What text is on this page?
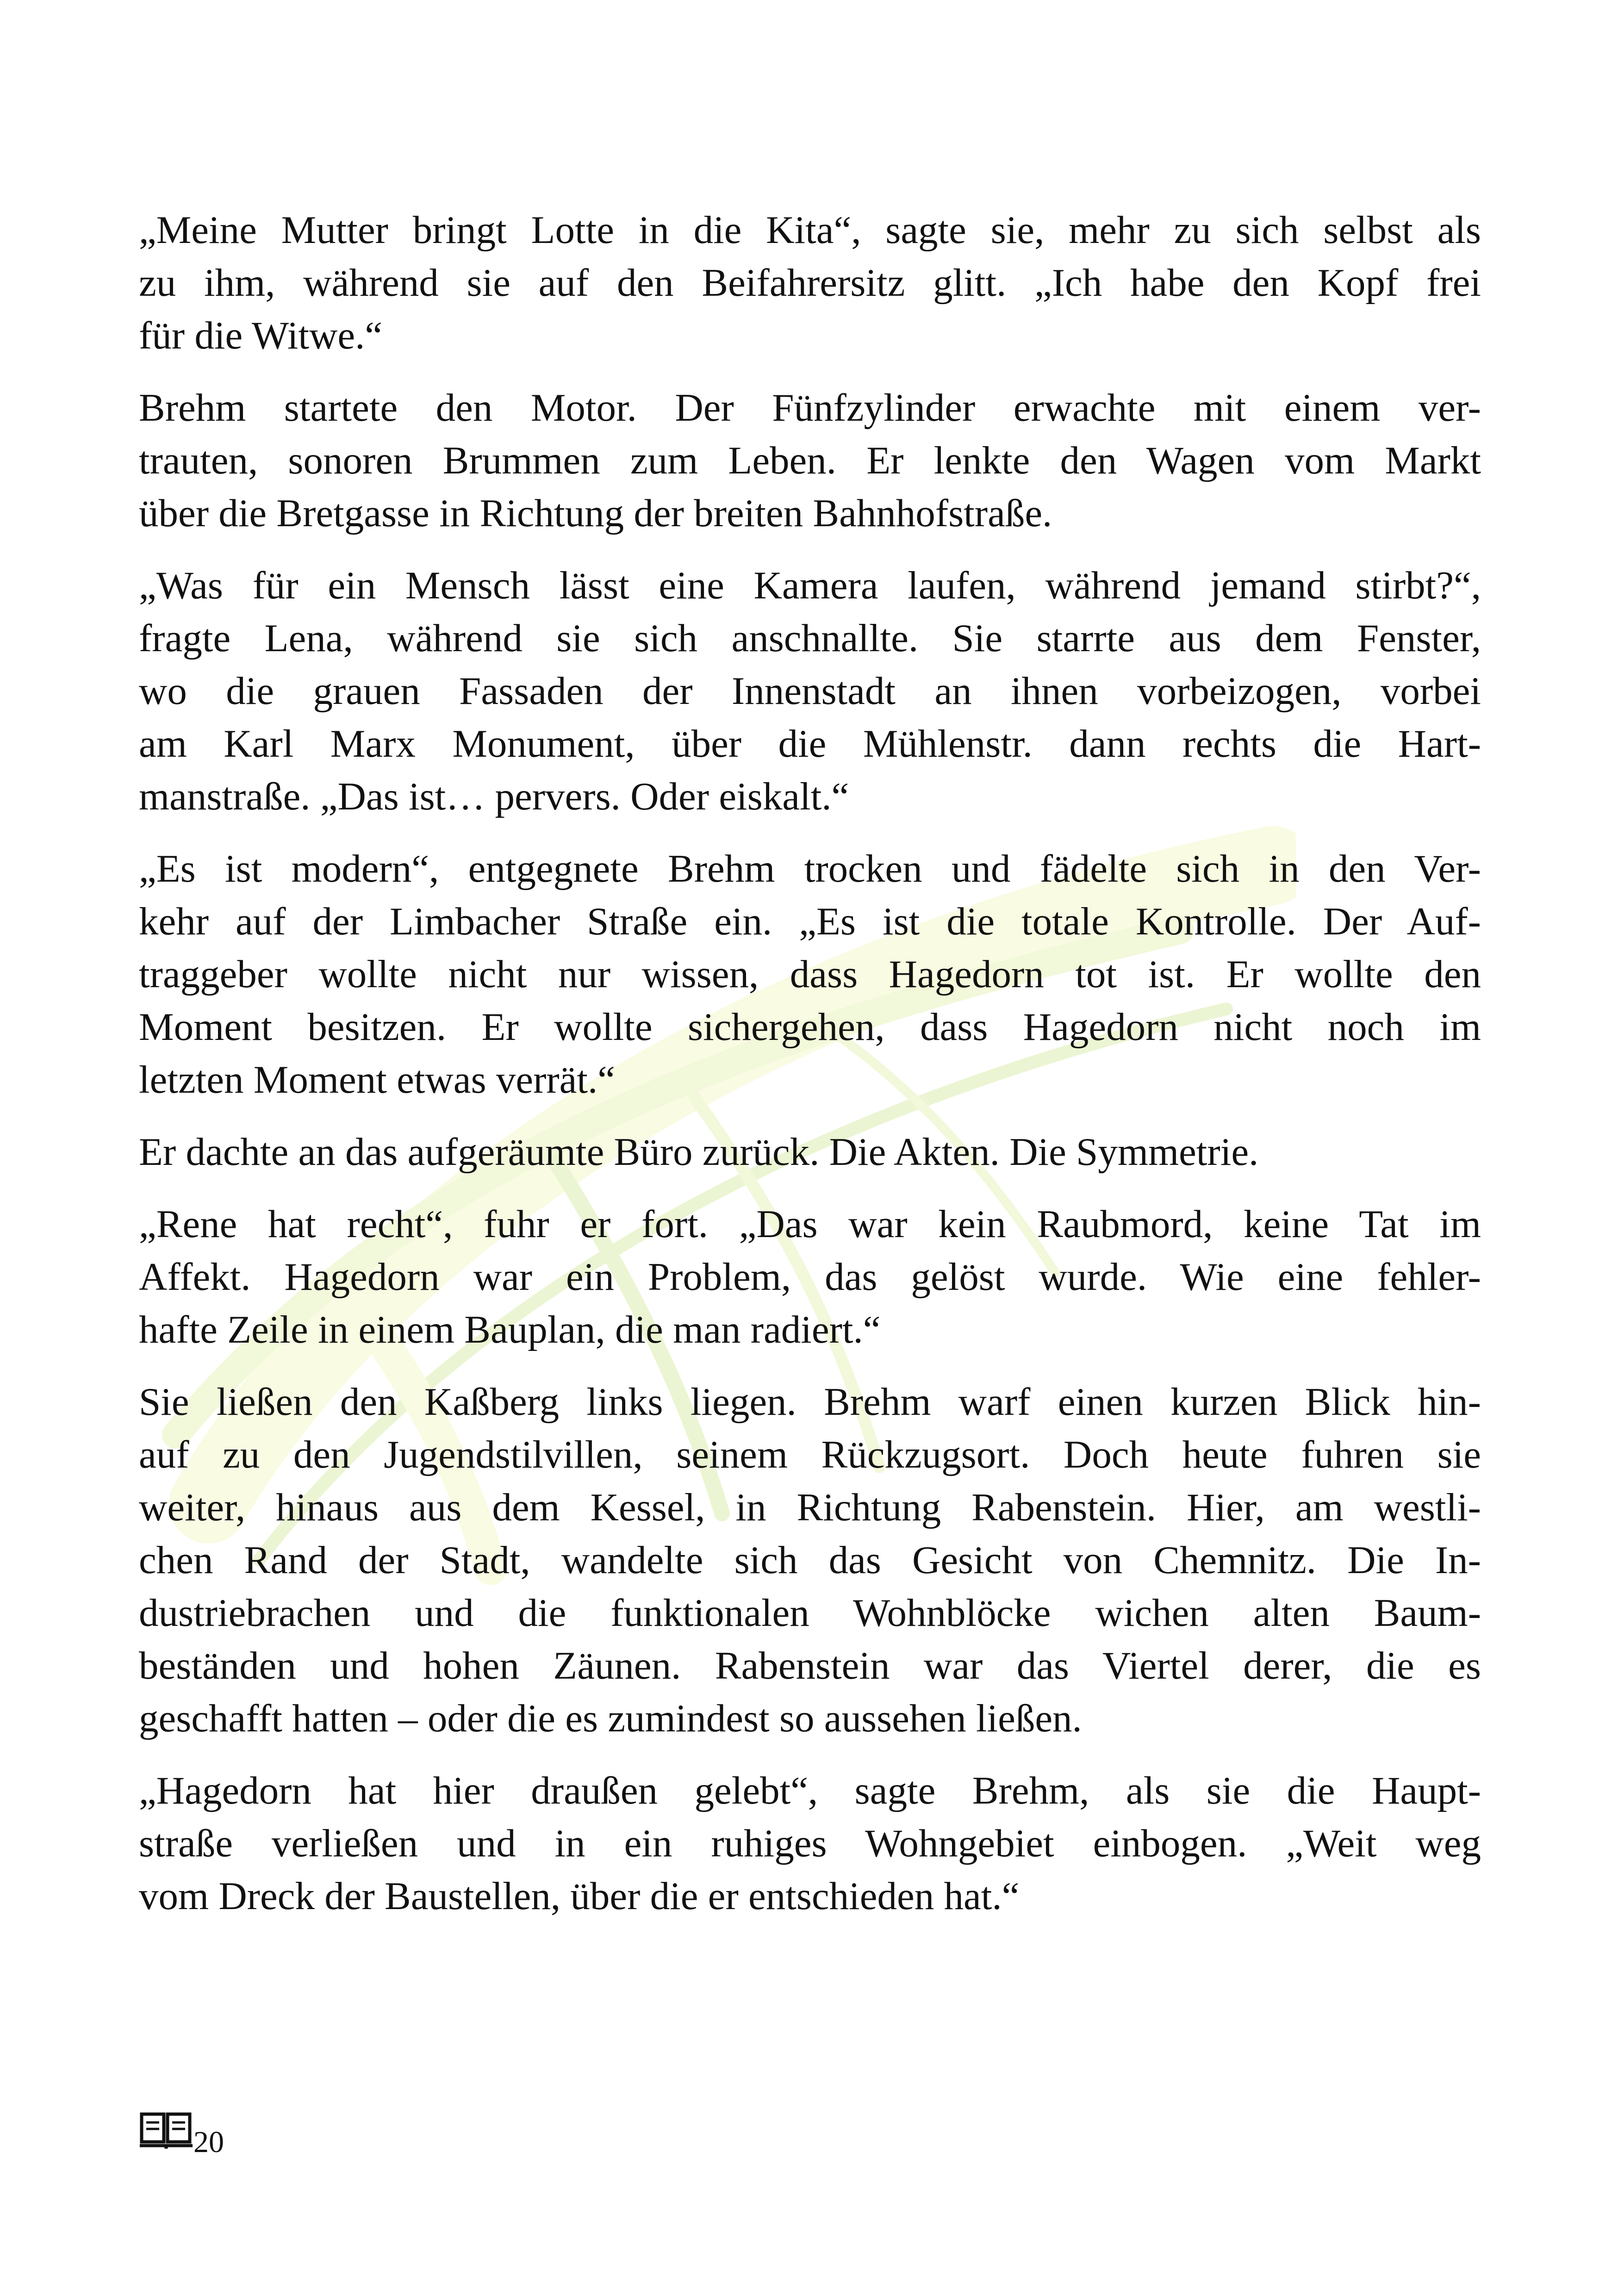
„Meine Mutter bringt Lotte in die Kita“, sagte sie, mehr zu sich selbst als
zu ihm, während sie auf den Beifahrersitz glitt. „Ich habe den Kopf frei
für die Witwe.“
Brehm startete den Motor. Der Fünfzylinder erwachte mit einem ver-
trauten, sonoren Brummen zum Leben. Er lenkte den Wagen vom Markt
über die Bretgasse in Richtung der breiten Bahnhofstraße.
„Was für ein Mensch lässt eine Kamera laufen, während jemand stirbt?“,
fragte Lena, während sie sich anschnallte. Sie starrte aus dem Fenster,
wo die grauen Fassaden der Innenstadt an ihnen vorbeizogen, vorbei
am Karl Marx Monument, über die Mühlenstr. dann rechts die Hart-
manstraße. „Das ist… pervers. Oder eiskalt.“
„Es ist modern“, entgegnete Brehm trocken und fädelte sich in den Ver-
kehr auf der Limbacher Straße ein. „Es ist die totale Kontrolle. Der Auf-
traggeber wollte nicht nur wissen, dass Hagedorn tot ist. Er wollte den
Moment besitzen. Er wollte sichergehen, dass Hagedorn nicht noch im
letzten Moment etwas verrät.“
Er dachte an das aufgeräumte Büro zurück. Die Akten. Die Symmetrie.
„Rene hat recht“, fuhr er fort. „Das war kein Raubmord, keine Tat im
Affekt. Hagedorn war ein Problem, das gelöst wurde. Wie eine fehler-
hafte Zeile in einem Bauplan, die man radiert.“
Sie ließen den Kaßberg links liegen. Brehm warf einen kurzen Blick hin-
auf zu den Jugendstilvillen, seinem Rückzugsort. Doch heute fuhren sie
weiter, hinaus aus dem Kessel, in Richtung Rabenstein. Hier, am westli-
chen Rand der Stadt, wandelte sich das Gesicht von Chemnitz. Die In-
dustriebrachen und die funktionalen Wohnblöcke wichen alten Baum-
beständen und hohen Zäunen. Rabenstein war das Viertel derer, die es
geschafft hatten – oder die es zumindest so aussehen ließen.
„Hagedorn hat hier draußen gelebt“, sagte Brehm, als sie die Haupt-
straße verließen und in ein ruhiges Wohngebiet einbogen. „Weit weg
vom Dreck der Baustellen, über die er entschieden hat.“
20
